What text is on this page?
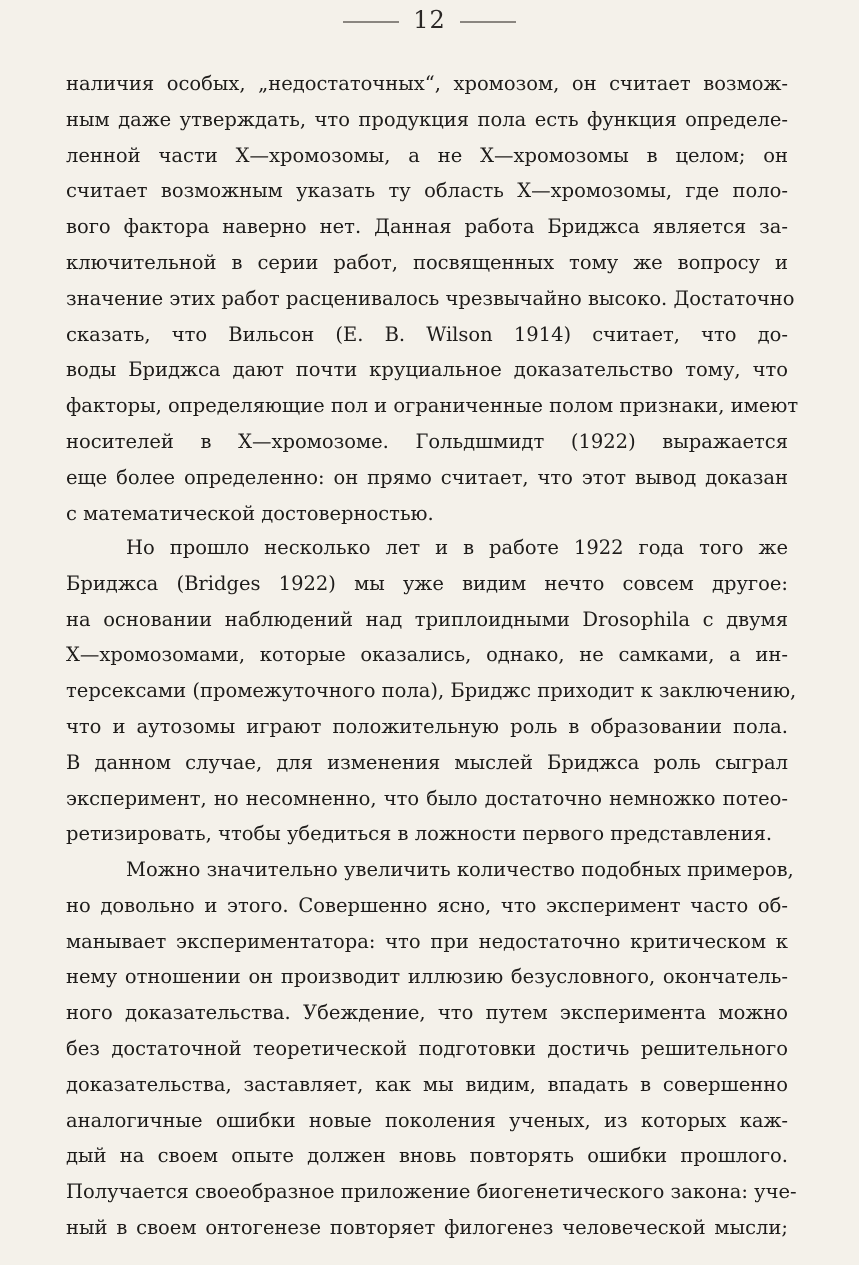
12
наличия особых, „недостаточных“, хромозом, он считает возмож-
ным даже утверждать, что продукция пола есть функция определе-
ленной части X—хромозомы, а не X—хромозомы в целом; он
считает возможным указать ту область X—хромозомы, где поло-
вого фактора наверно нет. Данная работа Бриджса является за-
ключительной в серии работ, посвященных тому же вопросу и
значение этих работ расценивалось чрезвычайно высоко. Достаточно
сказать, что Вильсон (E. B. Wilson 1914) считает, что до-
воды Бриджса дают почти круциальное доказательство тому, что
факторы, определяющие пол и ограниченные полом признаки, имеют
носителей в X—хромозоме. Гольдшмидт (1922) выражается
еще более определенно: он прямо считает, что этот вывод доказан
с математической достоверностью.
Но прошло несколько лет и в работе 1922 года того же
Бриджса (Bridges 1922) мы уже видим нечто совсем другое:
на основании наблюдений над триплоидными Drosophila с двумя
X—хромозомами, которые оказались, однако, не самками, а ин-
терсексами (промежуточного пола), Бриджс приходит к заключению,
что и аутозомы играют положительную роль в образовании пола.
В данном случае, для изменения мыслей Бриджса роль сыграл
эксперимент, но несомненно, что было достаточно немножко потео-
ретизировать, чтобы убедиться в ложности первого представления.
Можно значительно увеличить количество подобных примеров,
но довольно и этого. Совершенно ясно, что эксперимент часто об-
манывает экспериментатора: что при недостаточно критическом к
нему отношении он производит иллюзию безусловного, окончатель-
ного доказательства. Убеждение, что путем эксперимента можно
без достаточной теоретической подготовки достичь решительного
доказательства, заставляет, как мы видим, впадать в совершенно
аналогичные ошибки новые поколения ученых, из которых каж-
дый на своем опыте должен вновь повторять ошибки прошлого.
Получается своеобразное приложение биогенетического закона: уче-
ный в своем онтогенезе повторяет филогенез человеческой мысли;
